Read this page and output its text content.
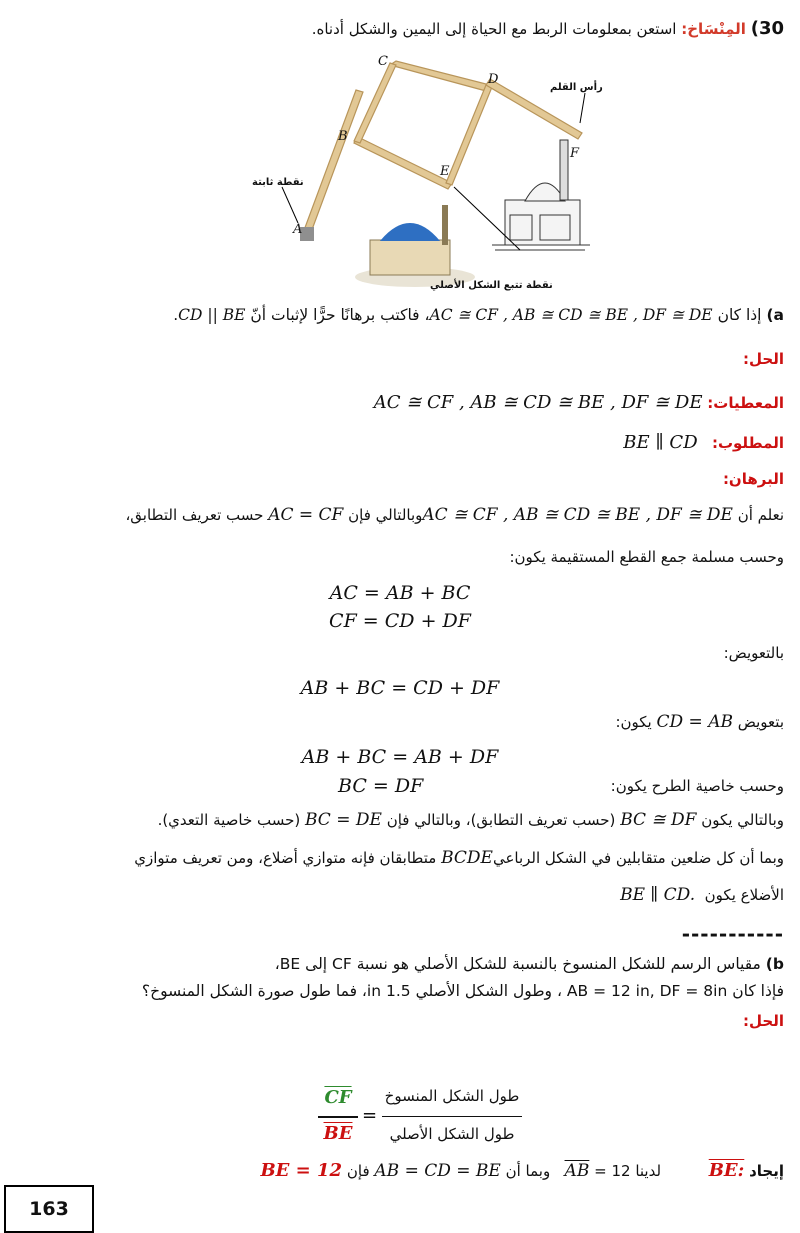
30) المِنْسَاخ: استعن بمعلومات الربط مع الحياة إلى اليمين والشكل أدناه.
A
B
C
D
E
F
نقطة ثابتة
رأس القلم
نقطة تتبع الشكل الأصلي
a) إذا كان AC ≅ CF , AB ≅ CD ≅ BE , DF ≅ DE، فاكتب برهانًا حرًّا لإثبات أنّ CD || BE.
الحل:
المعطيات: AC ≅ CF , AB ≅ CD ≅ BE , DF ≅ DE
المطلوب:   BE ∥ CD
البرهان:
نعلم أن AC ≅ CF , AB ≅ CD ≅ BE , DF ≅ DEوبالتالي فإن AC = CF حسب تعريف التطابق،
وحسب مسلمة جمع القطع المستقيمة يكون:
AC = AB + BC
CF = CD + DF
بالتعويض:
AB + BC = CD + DF
بتعويض CD = AB يكون:
AB + BC = AB + DF
وحسب خاصية الطرح يكون:
BC = DF
وبالتالي يكون BC ≅ DF (حسب تعريف التطابق)، وبالتالي فإن BC = DE (حسب خاصية التعدي).
وبما أن كل ضلعين متقابلين في الشكل الرباعيBCDE متطابقان فإنه متوازي أضلاع، ومن تعريف متوازي
الأضلاع يكون  BE ∥ CD.
-----------
b) مقياس الرسم للشكل المنسوخ بالنسبة للشكل الأصلي هو نسبة CF إلى BE،
فإذا كان AB = 12 in, DF = 8in ، وطول الشكل الأصلي 1.5 in، فما طول صورة الشكل المنسوخ؟
الحل:
$\overline{CF}$
$\overline{BE}$
=
طول الشكل المنسوخ
طول الشكل الأصلي
إيجاد BE:          لدينا $12 = \overline{AB}$   وبما أن AB = CD = BE فإن BE = 12
163
